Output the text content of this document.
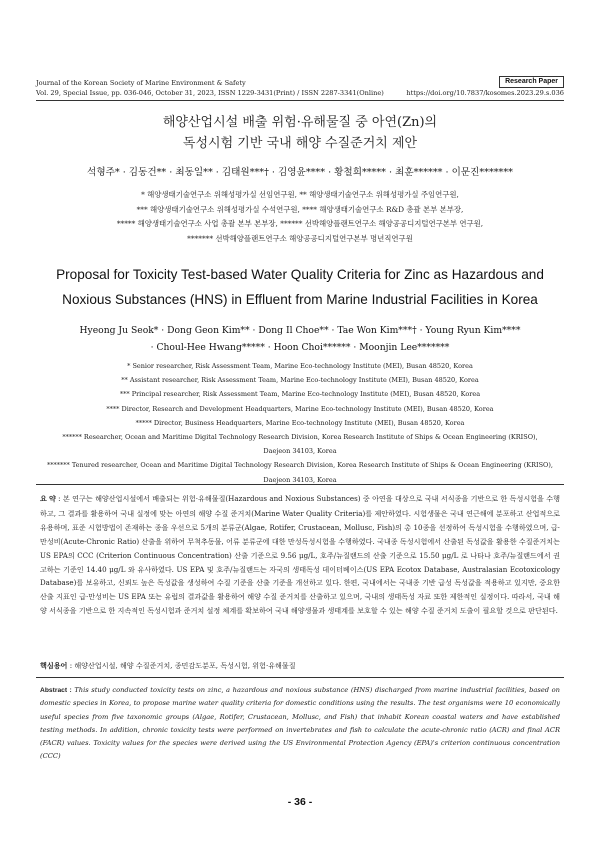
Research Paper
Journal of the Korean Society of Marine Environment & Safety
Vol. 29, Special Issue, pp. 036-046, October 31, 2023, ISSN 1229-3431(Print) / ISSN 2287-3341(Online)	https://doi.org/10.7837/kosomes.2023.29.s.036
해양산업시설 배출 위험·유해물질 중 아연(Zn)의
독성시험 기반 국내 해양 수질준거치 제안
석형주* · 김동건** · 최동일** · 김태원***† · 김영윤**** · 황철희***** · 최훈****** · 이문진*******
* 해양생태기술연구소 위해성평가실 선임연구원, ** 해양생태기술연구소 위해성평가실 주임연구원,
*** 해양생태기술연구소 위해성평가실 수석연구원, **** 해양생태기술연구소 R&D 총괄 본부 본부장,
***** 해양생태기술연구소 사업 총괄 본부 본부장, ****** 선박해양플랜트연구소 해양공공디지털연구본부 연구원,
******* 선박해양플랜트연구소 해양공공디지털연구본부 명년직연구원
Proposal for Toxicity Test-based Water Quality Criteria for Zinc as Hazardous and
Noxious Substances (HNS) in Effluent from Marine Industrial Facilities in Korea
Hyeong Ju Seok* · Dong Geon Kim** · Dong Il Choe** · Tae Won Kim***† · Young Ryun Kim****
· Choul-Hee Hwang***** · Hoon Choi****** · Moonjin Lee*******
* Senior researcher, Risk Assessment Team, Marine Eco-technology Institute (MEI), Busan 48520, Korea
** Assistant researcher, Risk Assessment Team, Marine Eco-technology Institute (MEI), Busan 48520, Korea
*** Principal researcher, Risk Assessment Team, Marine Eco-technology Institute (MEI), Busan 48520, Korea
**** Director, Research and Development Headquarters, Marine Eco-technology Institute (MEI), Busan 48520, Korea
***** Director, Business Headquarters, Marine Eco-technology Institute (MEI), Busan 48520, Korea
****** Researcher, Ocean and Maritime Digital Technology Research Division, Korea Research Institute of Ships & Ocean Engineering (KRISO),
Daejeon 34103, Korea
******* Tenured researcher, Ocean and Maritime Digital Technology Research Division, Korea Research Institute of Ships & Ocean Engineering (KRISO),
Daejeon 34103, Korea
요 약 : 본 연구는 해양산업시설에서 배출되는 위험·유해물질(Hazardous and Noxious Substances) 중 아연을 대상으로 국내 서식종을 기반으로 한 독성시험을 수행하고, 그 결과를 활용하여 국내 실정에 맞는 아연의 해양 수질 준거치(Marine Water Quality Criteria)를 제안하였다. 시험생물은 국내 연근해에 분포하고 산업적으로 유용하며, 표준 시험방법이 존재하는 종을 우선으로 5개의 분류군(Algae, Rotifer, Crustacean, Mollusc, Fish)의 총 10종을 선정하여 독성시험을 수행하였으며, 급·만성비(Acute-Chronic Ratio) 산출을 위하여 무척추동물, 어류 분류군에 대한 만성독성시험을 수행하였다. 국내종 독성시험에서 산출된 독성값을 활용한 수질준거치는 US EPA의 CCC (Criterion Continuous Concentration) 산출 기준으로 9.56 μg/L, 호주/뉴질랜드의 산출 기준으로 15.50 μg/L 로 나타나 호주/뉴질랜드에서 권고하는 기준인 14.40 μg/L 와 유사하였다. US EPA 및 호주/뉴질랜드는 자국의 생태독성 데이터베이스(US EPA Ecotox Database, Australasian Ecotoxicology Database)를 보유하고, 신뢰도 높은 독성값을 생성하여 수질 기준을 산출 기준을 개선하고 있다. 한편, 국내에서는 국내종 기반 급성 독성값을 적용하고 있지만, 중요한 산출 지표인 급·만성비는 US EPA 또는 유럽의 결과값을 활용하여 해양 수질 준거치를 산출하고 있으며, 국내의 생태독성 자료 또한 제한적인 실정이다. 따라서, 국내 해양 서식종을 기반으로 한 지속적인 독성시험과 준거치 설정 체계를 확보하여 국내 해양생물과 생태계를 보호할 수 있는 해양 수질 준거치 도출이 필요할 것으로 판단된다.
핵심용어 : 해양산업시설, 해양 수질준거치, 종민감도분포, 독성시험, 위험·유해물질
Abstract : This study conducted toxicity tests on zinc, a hazardous and noxious substance (HNS) discharged from marine industrial facilities, based on domestic species in Korea, to propose marine water quality criteria for domestic conditions using the results. The test organisms were 10 economically useful species from five taxonomic groups (Algae, Rotifer, Crustacean, Mollusc, and Fish) that inhabit Korean coastal waters and have established testing methods. In addition, chronic toxicity tests were performed on invertebrates and fish to calculate the acute-chronic ratio (ACR) and final ACR (FACR) values. Toxicity values for the species were derived using the US Environmental Protection Agency (EPA)'s criterion continuous concentration (CCC)
- 36 -
